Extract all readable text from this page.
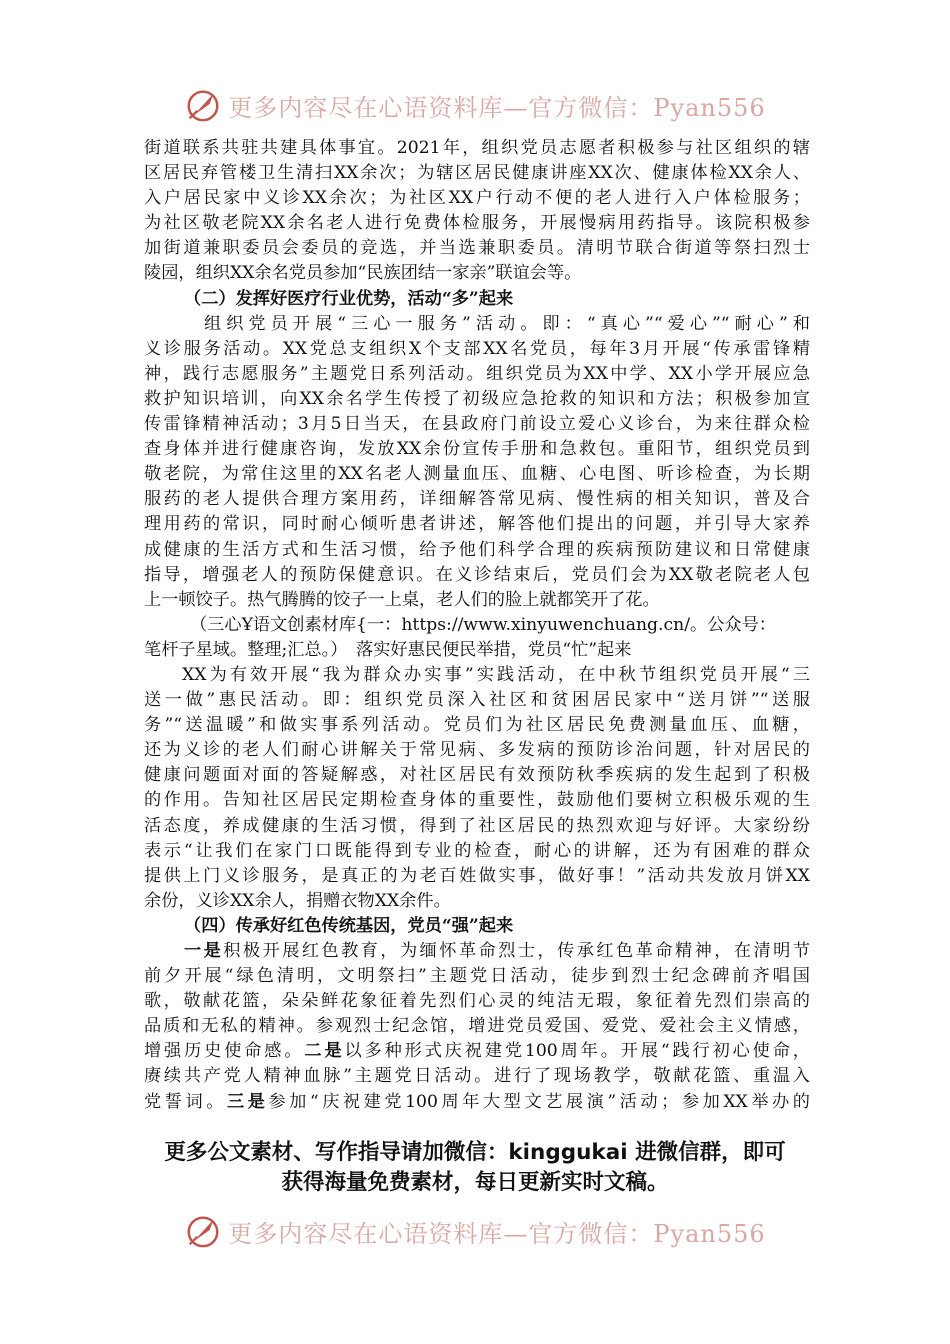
更多内容尽在心语资料库—官方微信：Pyan556
街道联系共驻共建具体事宜。2021年，组织党员志愿者积极参与社区组织的辖
区居民弃管楼卫生清扫XX余次；为辖区居民健康讲座XX次、健康体检XX余人、
入户居民家中义诊XX余次；为社区XX户行动不便的老人进行入户体检服务；
为社区敬老院XX余名老人进行免费体检服务，开展慢病用药指导。该院积极参
加街道兼职委员会委员的竞选，并当选兼职委员。清明节联合街道等祭扫烈士
陵园，组织XX余名党员参加“民族团结一家亲”联谊会等。
（二）发挥好医疗行业优势，活动“多”起来
组织党员开展“三心一服务”活动。即：“真心”“爱心”“耐心”和
义诊服务活动。XX党总支组织X个支部XX名党员，每年3月开展“传承雷锋精
神，践行志愿服务”主题党日系列活动。组织党员为XX中学、XX小学开展应急
救护知识培训，向XX余名学生传授了初级应急抢救的知识和方法；积极参加宣
传雷锋精神活动；3月5日当天，在县政府门前设立爱心义诊台，为来往群众检
查身体并进行健康咨询，发放XX余份宣传手册和急救包。重阳节，组织党员到
敬老院，为常住这里的XX名老人测量血压、血糖、心电图、听诊检查，为长期
服药的老人提供合理方案用药，详细解答常见病、慢性病的相关知识，普及合
理用药的常识，同时耐心倾听患者讲述，解答他们提出的问题，并引导大家养
成健康的生活方式和生活习惯，给予他们科学合理的疾病预防建议和日常健康
指导，增强老人的预防保健意识。在义诊结束后，党员们会为XX敬老院老人包
上一顿饺子。热气腾腾的饺子一上桌，老人们的脸上就都笑开了花。
（三心Ұ语文创素材库{一：https://www.xinyuwenchuang.cn/。公众号：
笔杆子星域。整理;汇总。）　落实好惠民便民举措，党员“忙”起来
XX为有效开展“我为群众办实事”实践活动，在中秋节组织党员开展“三
送一做”惠民活动。即：组织党员深入社区和贫困居民家中“送月饼”“送服
务”“送温暖”和做实事系列活动。党员们为社区居民免费测量血压、血糖，
还为义诊的老人们耐心讲解关于常见病、多发病的预防诊治问题，针对居民的
健康问题面对面的答疑解惑，对社区居民有效预防秋季疾病的发生起到了积极
的作用。告知社区居民定期检查身体的重要性，鼓励他们要树立积极乐观的生
活态度，养成健康的生活习惯，得到了社区居民的热烈欢迎与好评。大家纷纷
表示“让我们在家门口既能得到专业的检查，耐心的讲解，还为有困难的群众
提供上门义诊服务，是真正的为老百姓做实事，做好事！”活动共发放月饼XX
余份，义诊XX余人，捐赠衣物XX余件。
（四）传承好红色传统基因，党员“强”起来
一是积极开展红色教育，为缅怀革命烈士，传承红色革命精神，在清明节
前夕开展“绿色清明，文明祭扫”主题党日活动，徒步到烈士纪念碑前齐唱国
歌，敬献花篮，朵朵鲜花象征着先烈们心灵的纯洁无瑕，象征着先烈们崇高的
品质和无私的精神。参观烈士纪念馆，增进党员爱国、爱党、爱社会主义情感，
增强历史使命感。二是以多种形式庆祝建党100周年。开展“践行初心使命，
赓续共产党人精神血脉”主题党日活动。进行了现场教学，敬献花篮、重温入
党誓词。三是参加“庆祝建党100周年大型文艺展演”活动；参加XX举办的
更多公文素材、写作指导请加微信：kinggukai 进微信群，即可
获得海量免费素材，每日更新实时文稿。
更多内容尽在心语资料库—官方微信：Pyan556
